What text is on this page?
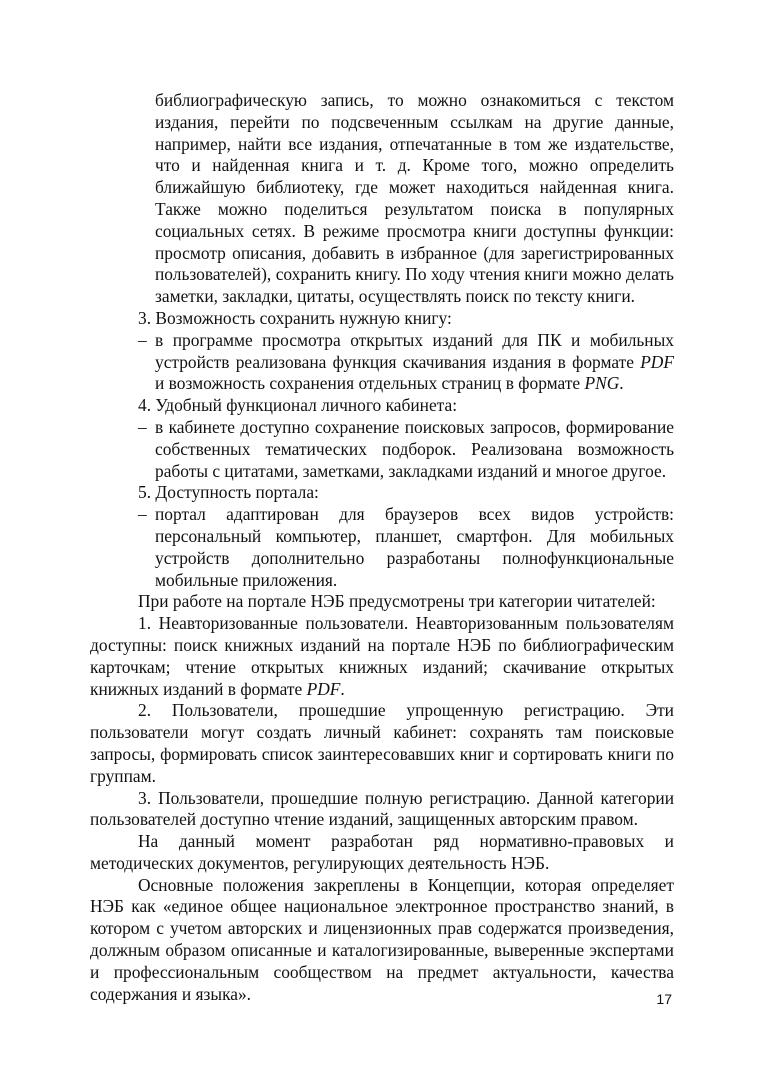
библиографическую запись, то можно ознакомиться с текстом издания, перейти по подсвеченным ссылкам на другие данные, например, найти все издания, отпечатанные в том же издательстве, что и найденная книга и т. д. Кроме того, можно определить ближайшую библиотеку, где может находиться найденная книга. Также можно поделиться результатом поиска в популярных социальных сетях. В режиме просмотра книги доступны функции: просмотр описания, добавить в избранное (для зарегистрированных пользователей), сохранить книгу. По ходу чтения книги можно делать заметки, закладки, цитаты, осуществлять поиск по тексту книги.

3. Возможность сохранить нужную книгу:

– в программе просмотра открытых изданий для ПК и мобильных устройств реализована функция скачивания издания в формате PDF и возможность сохранения отдельных страниц в формате PNG.

4. Удобный функционал личного кабинета:

– в кабинете доступно сохранение поисковых запросов, формирование собственных тематических подборок. Реализована возможность работы с цитатами, заметками, закладками изданий и многое другое.

5. Доступность портала:

– портал адаптирован для браузеров всех видов устройств: персональный компьютер, планшет, смартфон. Для мобильных устройств дополнительно разработаны полнофункциональные мобильные приложения.

При работе на портале НЭБ предусмотрены три категории читателей:

1. Неавторизованные пользователи. Неавторизованным пользователям доступны: поиск книжных изданий на портале НЭБ по библиографическим карточкам; чтение открытых книжных изданий; скачивание открытых книжных изданий в формате PDF.

2. Пользователи, прошедшие упрощенную регистрацию. Эти пользователи могут создать личный кабинет: сохранять там поисковые запросы, формировать список заинтересовавших книг и сортировать книги по группам.

3. Пользователи, прошедшие полную регистрацию. Данной категории пользователей доступно чтение изданий, защищенных авторским правом.

На данный момент разработан ряд нормативно-правовых и методических документов, регулирующих деятельность НЭБ.

Основные положения закреплены в Концепции, которая определяет НЭБ как «единое общее национальное электронное пространство знаний, в котором с учетом авторских и лицензионных прав содержатся произведения, должным образом описанные и каталогизированные, выверенные экспертами и профессиональным сообществом на предмет актуальности, качества содержания и языка».	17
